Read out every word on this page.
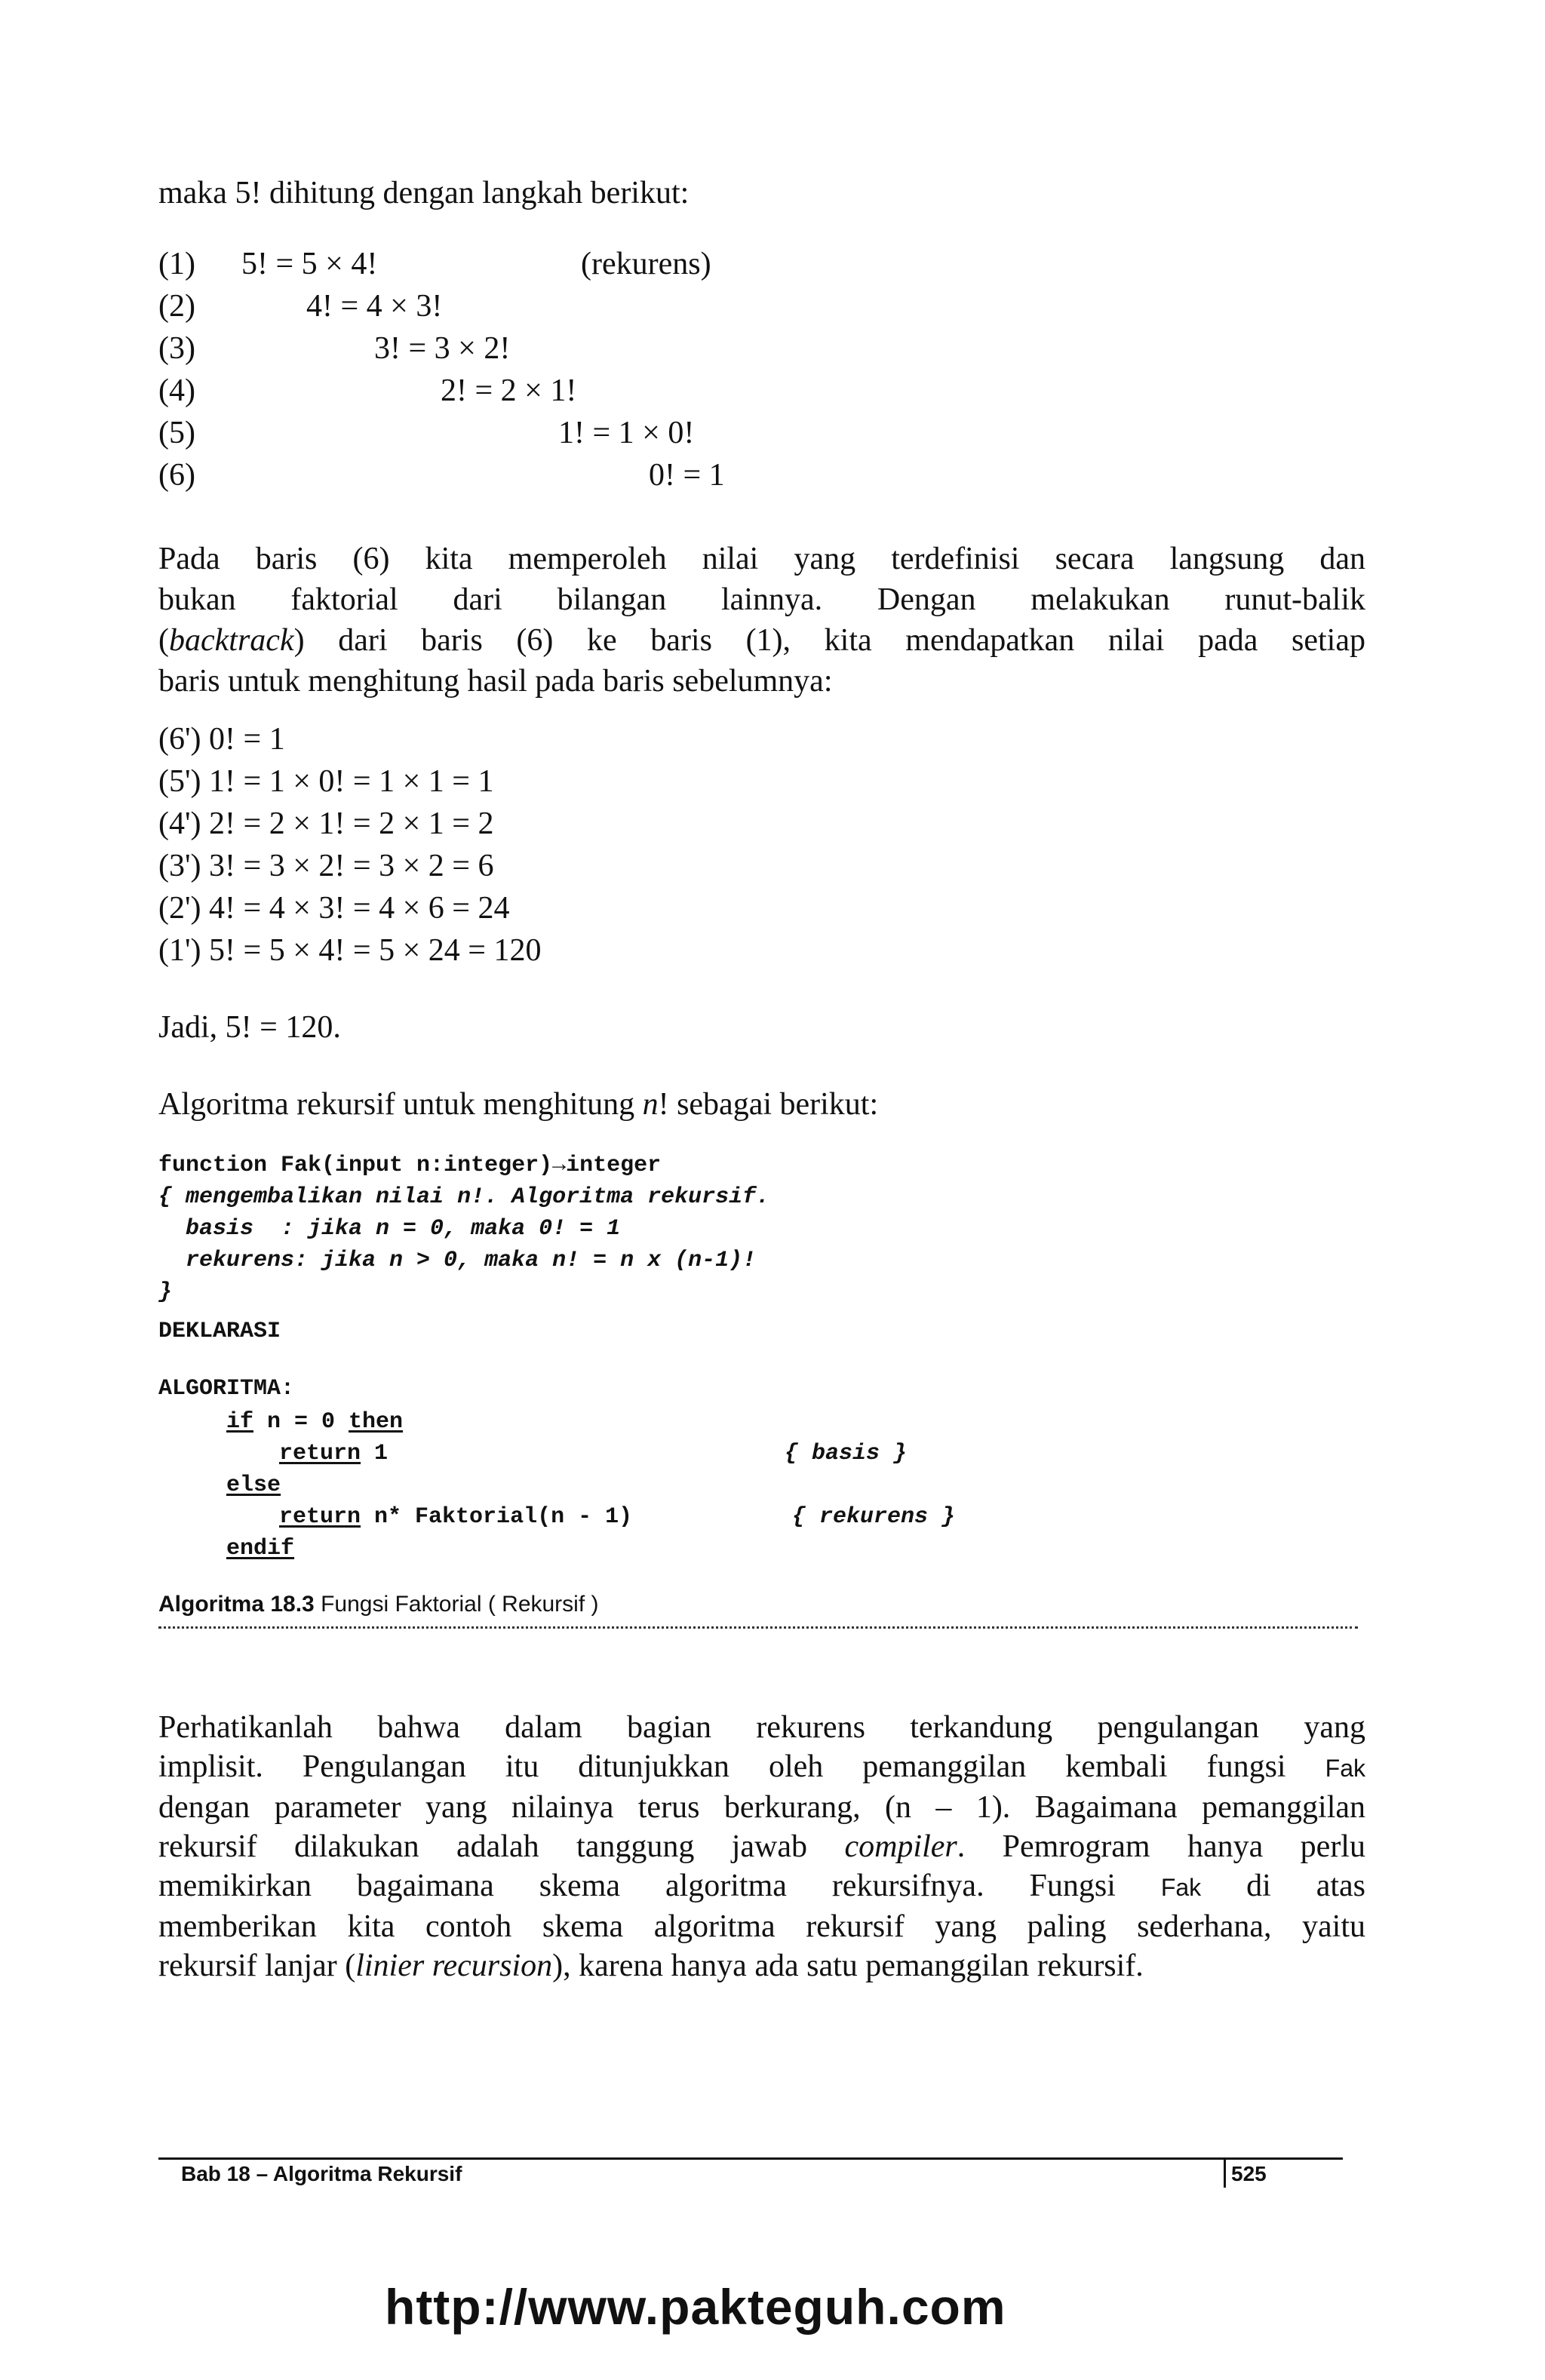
maka 5! dihitung dengan langkah berikut:
(1) 5! = 5 × 4!	(rekurens)
(2)	4! = 4 × 3!
(3)	3! = 3 × 2!
(4)	2! = 2 × 1!
(5)	1! = 1 × 0!
(6)	0! = 1
Pada baris (6) kita memperoleh nilai yang terdefinisi secara langsung dan
bukan faktorial dari bilangan lainnya. Dengan melakukan runut-balik
(backtrack) dari baris (6) ke baris (1), kita mendapatkan nilai pada setiap
baris untuk menghitung hasil pada baris sebelumnya:
(6') 0! = 1
(5') 1! = 1 × 0! = 1 × 1 = 1
(4') 2! = 2 × 1! = 2 × 1 = 2
(3') 3! = 3 × 2! = 3 × 2 = 6
(2') 4! = 4 × 3! = 4 × 6 = 24
(1') 5! = 5 × 4! = 5 × 24 = 120
Jadi, 5! = 120.
Algoritma rekursif untuk menghitung n! sebagai berikut:
function Fak(input n:integer)→integer
{ mengembalikan nilai n!. Algoritma rekursif.
basis  : jika n = 0, maka 0! = 1
rekurens: jika n > 0, maka n! = n x (n-1)!
}
DEKLARASI
ALGORITMA:
if n = 0 then
return 1	{ basis }
else
return n* Faktorial(n - 1)	{ rekurens }
endif
Algoritma 18.3 Fungsi Faktorial ( Rekursif )
Perhatikanlah bahwa dalam bagian rekurens terkandung pengulangan yang
implisit. Pengulangan itu ditunjukkan oleh pemanggilan kembali fungsi Fak
dengan parameter yang nilainya terus berkurang, (n – 1). Bagaimana pemanggilan
rekursif dilakukan adalah tanggung jawab compiler. Pemrogram hanya perlu
memikirkan bagaimana skema algoritma rekursifnya. Fungsi Fak di atas
memberikan kita contoh skema algoritma rekursif yang paling sederhana, yaitu
rekursif lanjar (linier recursion), karena hanya ada satu pemanggilan rekursif.
Bab 18 – Algoritma Rekursif	525
http://www.pakteguh.com
